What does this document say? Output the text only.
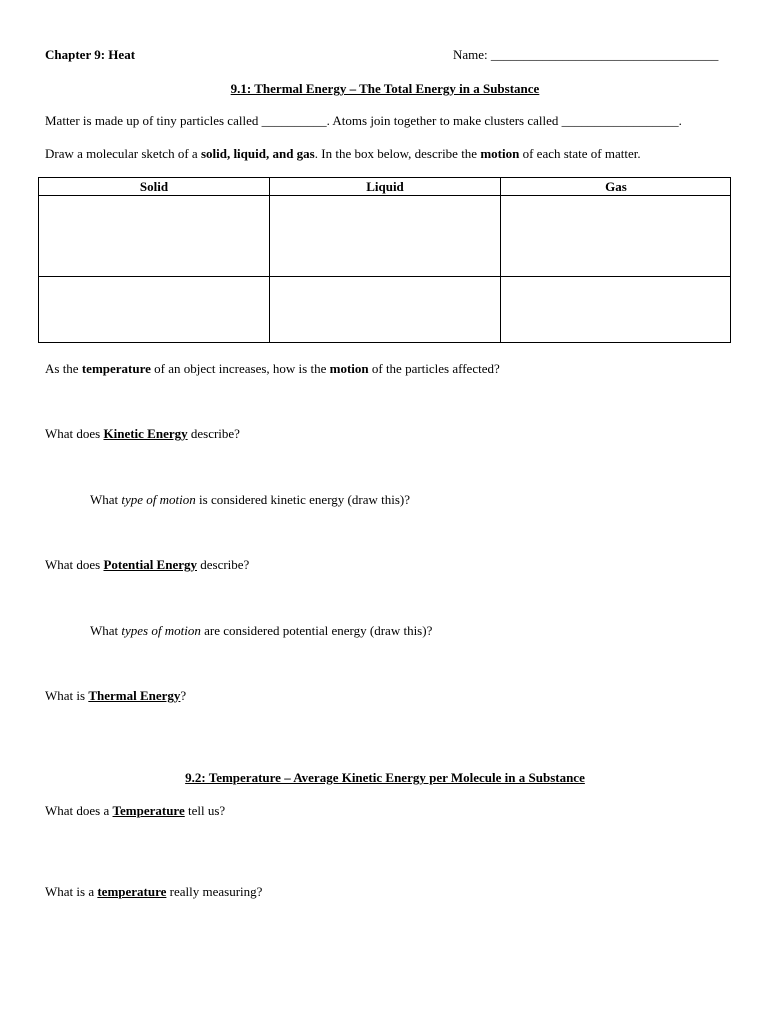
Chapter 9: Heat	Name: ___________________________________
9.1: Thermal Energy – The Total Energy in a Substance
Matter is made up of tiny particles called __________. Atoms join together to make clusters called __________________.
Draw a molecular sketch of a solid, liquid, and gas. In the box below, describe the motion of each state of matter.
Solid	Liquid	Gas
As the temperature of an object increases, how is the motion of the particles affected?
What does Kinetic Energy describe?
What type of motion is considered kinetic energy (draw this)?
What does Potential Energy describe?
What types of motion are considered potential energy (draw this)?
What is Thermal Energy?
9.2: Temperature – Average Kinetic Energy per Molecule in a Substance
What does a Temperature tell us?
What is a temperature really measuring?
